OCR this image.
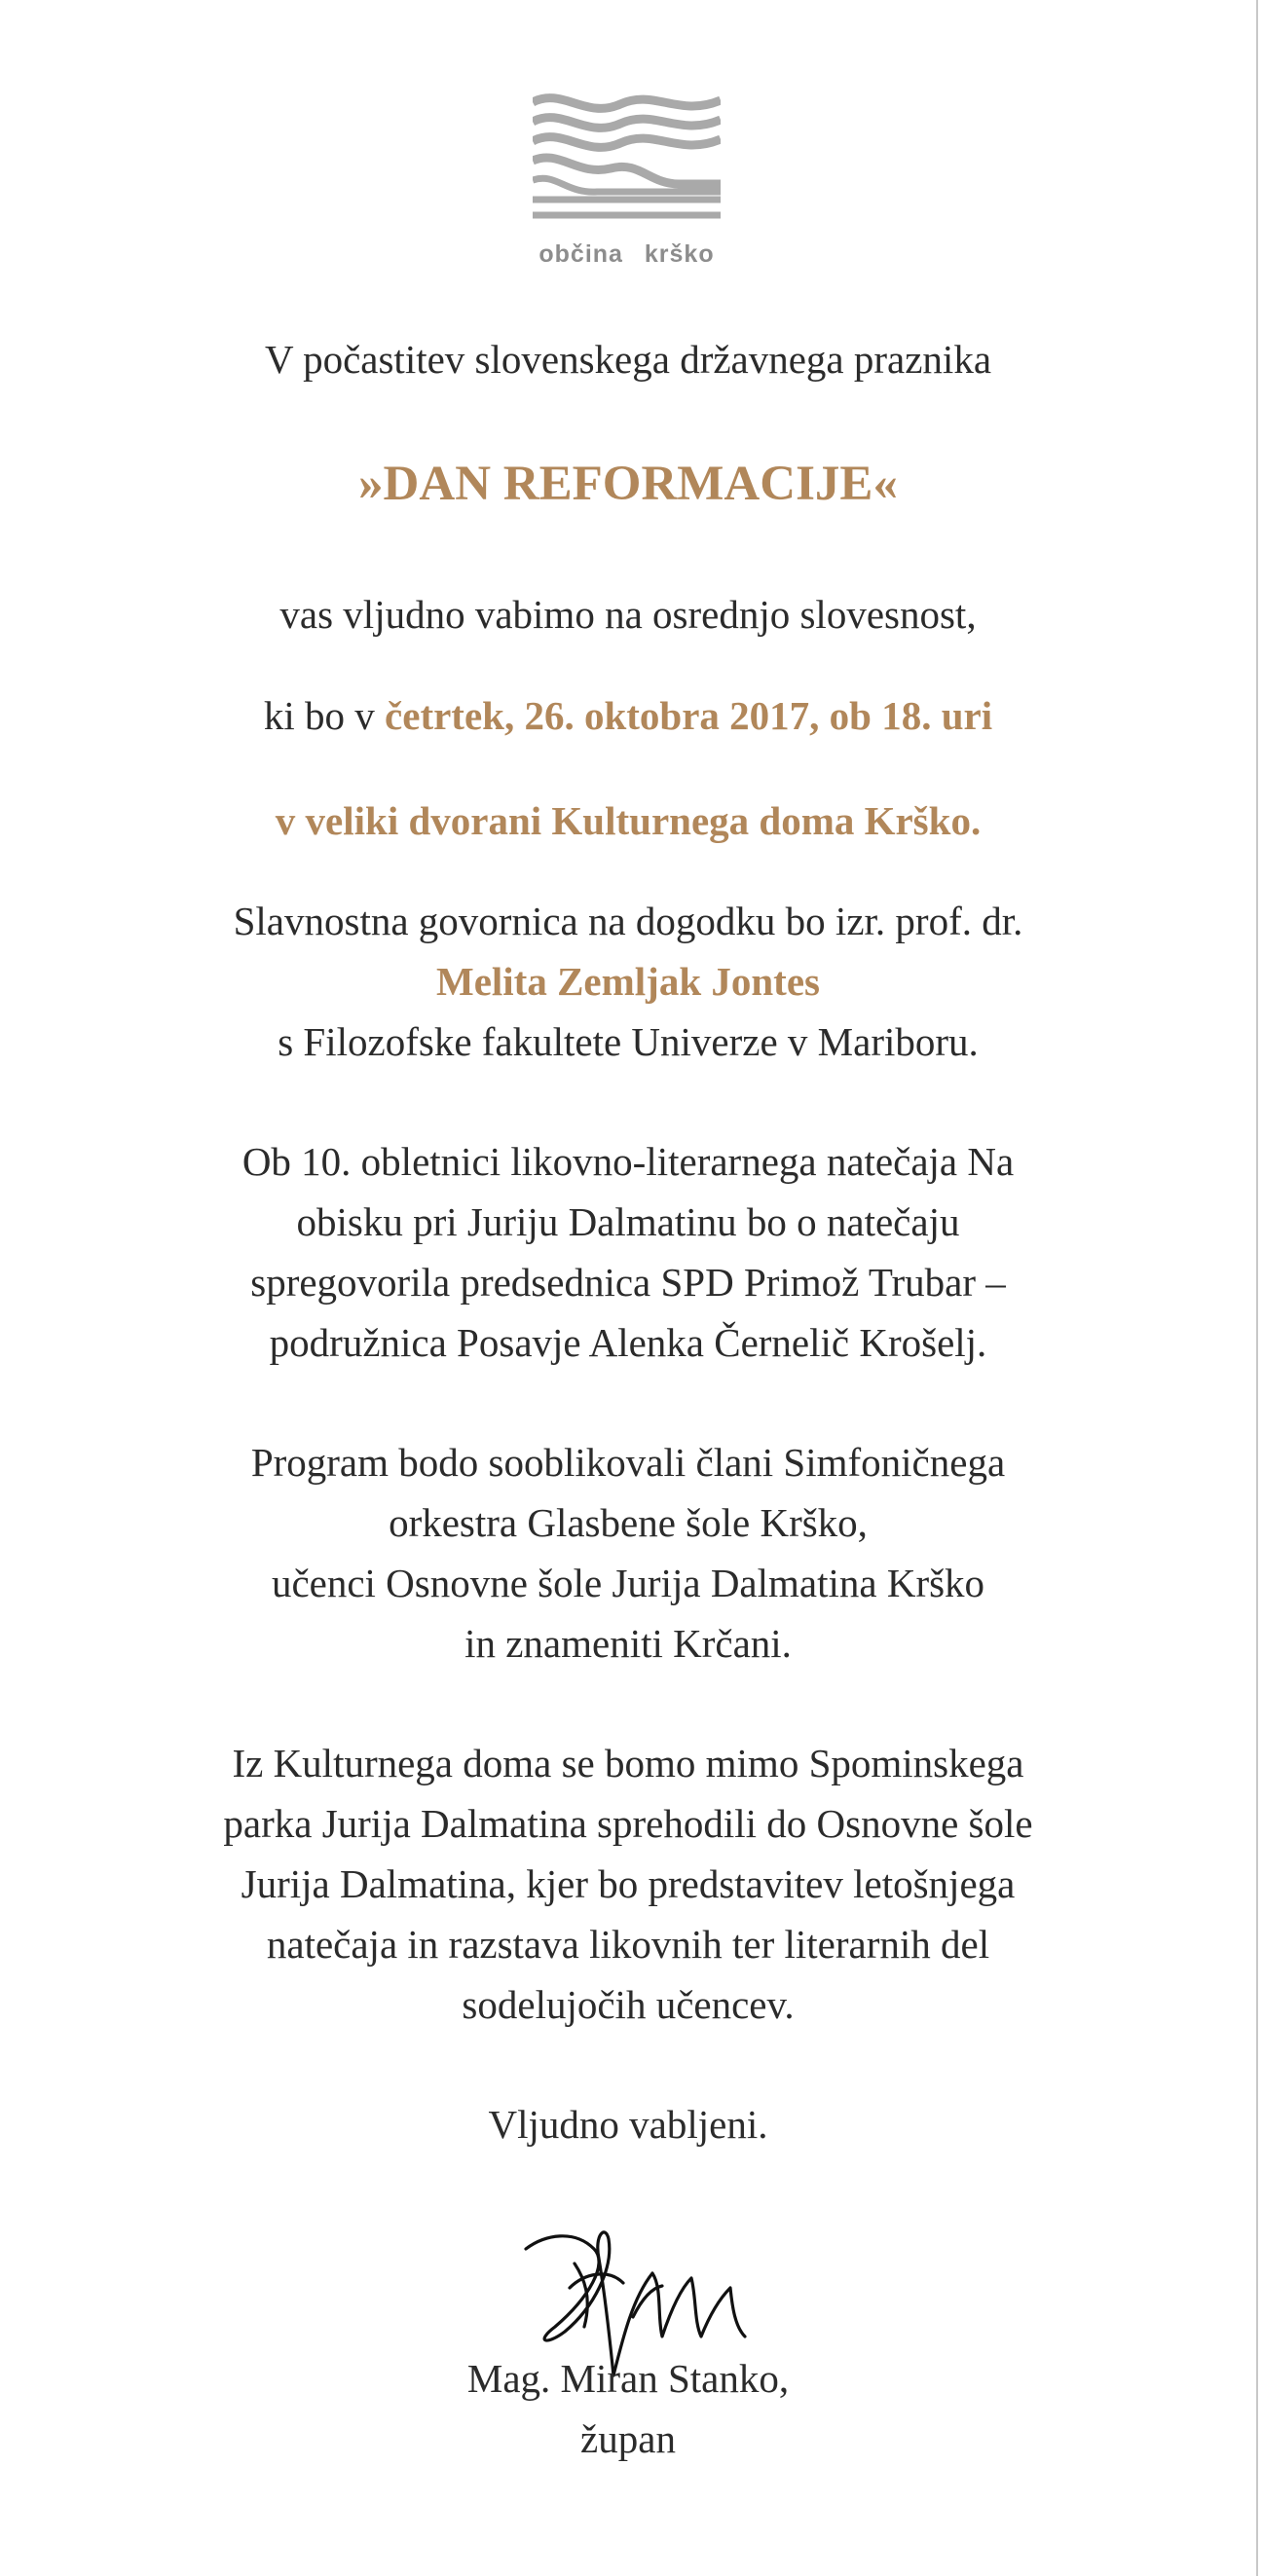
občina krško
V počastitev slovenskega državnega praznika
»DAN REFORMACIJE«
vas vljudno vabimo na osrednjo slovesnost,
ki bo v četrtek, 26. oktobra 2017, ob 18. uri
v veliki dvorani Kulturnega doma Krško.
Slavnostna govornica na dogodku bo izr. prof. dr.
Melita Zemljak Jontes
s Filozofske fakultete Univerze v Mariboru.
Ob 10. obletnici likovno-literarnega natečaja Na
obisku pri Juriju Dalmatinu bo o natečaju
spregovorila predsednica SPD Primož Trubar –
podružnica Posavje Alenka Černelič Krošelj.
Program bodo sooblikovali člani Simfoničnega
orkestra Glasbene šole Krško,
učenci Osnovne šole Jurija Dalmatina Krško
in znameniti Krčani.
Iz Kulturnega doma se bomo mimo Spominskega
parka Jurija Dalmatina sprehodili do Osnovne šole
Jurija Dalmatina, kjer bo predstavitev letošnjega
natečaja in razstava likovnih ter literarnih del
sodelujočih učencev.
Vljudno vabljeni.
Mag. Miran Stanko,
župan
